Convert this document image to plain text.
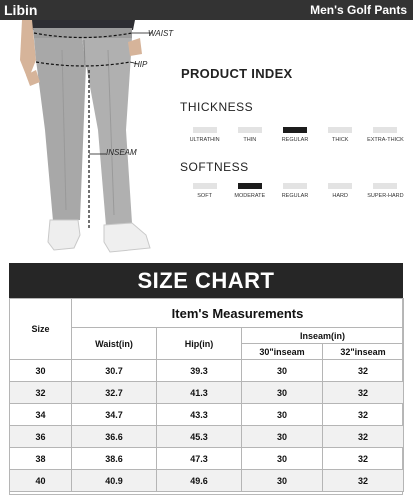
Libin	Men's Golf Pants
WAIST
HIP
INSEAM
PRODUCT INDEX
THICKNESS
ULTRATHIN	THIN	REGULAR	THICK	EXTRA-THICK
SOFTNESS
SOFT	MODERATE	REGULAR	HARD	SUPER-HARD
SIZE CHART
Size	Item's Measurements			
	Waist(in)	Hip(in)	Inseam(in)	
			30"inseam	32"inseam
30	30.7	39.3	30	32
32	32.7	41.3	30	32
34	34.7	43.3	30	32
36	36.6	45.3	30	32
38	38.6	47.3	30	32
40	40.9	49.6	30	32
